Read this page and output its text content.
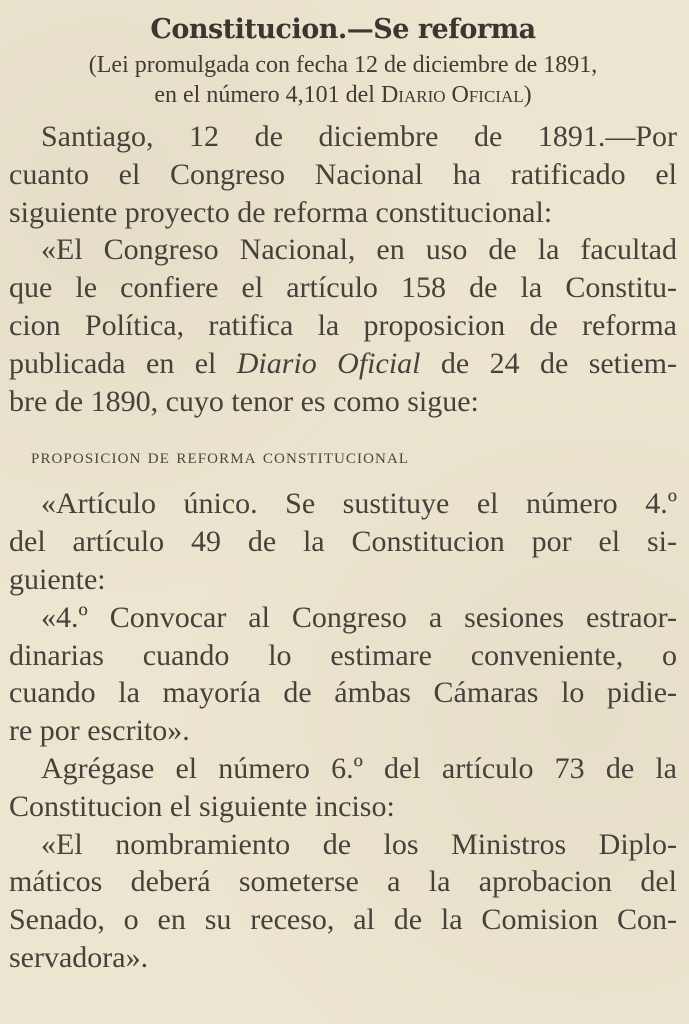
Constitucion.—Se reforma

(Lei promulgada con fecha 12 de diciembre de 1891,

en el número 4,101 del Diario Oficial)

Santiago, 12 de diciembre de 1891.—Por
cuanto el Congreso Nacional ha ratificado el
siguiente proyecto de reforma constitucional:
«El Congreso Nacional, en uso de la facultad
que le confiere el artículo 158 de la Constitu-
cion Política, ratifica la proposicion de reforma
publicada en el Diario Oficial de 24 de setiem-
bre de 1890, cuyo tenor es como sigue:
proposicion de reforma constitucional
«Artículo único. Se sustituye el número 4.º
del artículo 49 de la Constitucion por el si-
guiente:
«4.º Convocar al Congreso a sesiones estraor-
dinarias cuando lo estimare conveniente, o
cuando la mayoría de ámbas Cámaras lo pidie-
re por escrito».
Agrégase el número 6.º del artículo 73 de la
Constitucion el siguiente inciso:
«El nombramiento de los Ministros Diplo-
máticos deberá someterse a la aprobacion del
Senado, o en su receso, al de la Comision Con-
servadora».
